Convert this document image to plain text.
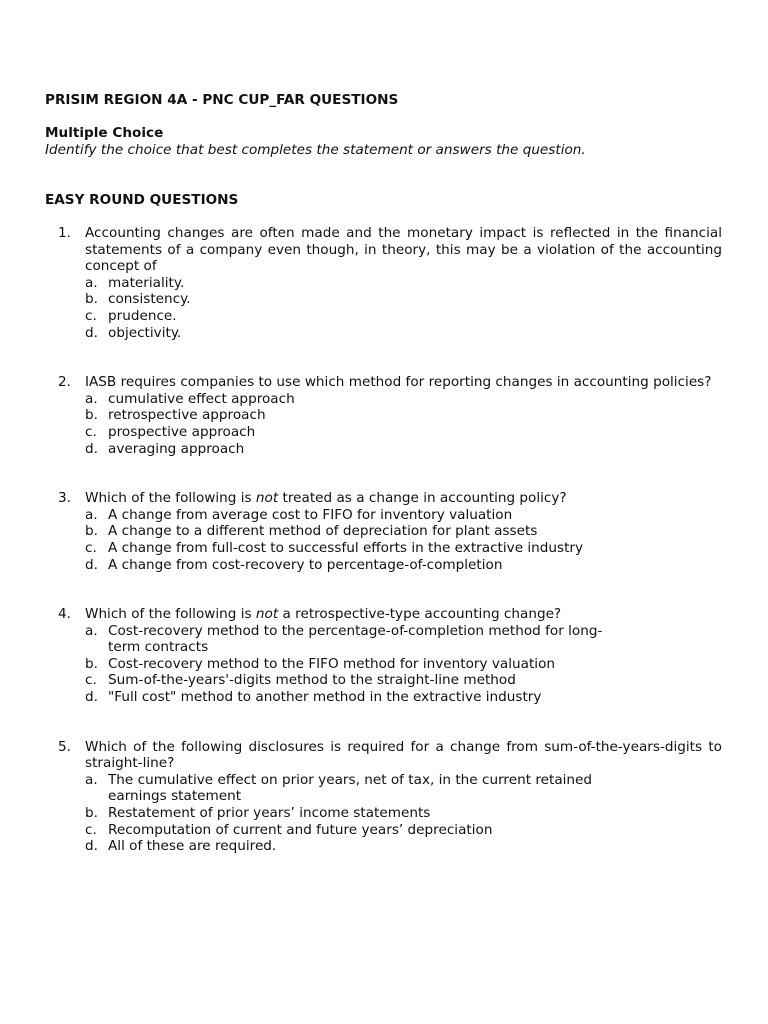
PRISIM REGION 4A - PNC CUP_FAR QUESTIONS
Multiple Choice
Identify the choice that best completes the statement or answers the question.
EASY ROUND QUESTIONS
1. Accounting changes are often made and the monetary impact is reflected in the financial statements of a company even though, in theory, this may be a violation of the accounting concept of
a. materiality.
b. consistency.
c. prudence.
d. objectivity.
2. IASB requires companies to use which method for reporting changes in accounting policies?
a. cumulative effect approach
b. retrospective approach
c. prospective approach
d. averaging approach
3. Which of the following is not treated as a change in accounting policy?
a. A change from average cost to FIFO for inventory valuation
b. A change to a different method of depreciation for plant assets
c. A change from full-cost to successful efforts in the extractive industry
d. A change from cost-recovery to percentage-of-completion
4. Which of the following is not a retrospective-type accounting change?
a. Cost-recovery method to the percentage-of-completion method for long-term contracts
b. Cost-recovery method to the FIFO method for inventory valuation
c. Sum-of-the-years'-digits method to the straight-line method
d. "Full cost" method to another method in the extractive industry
5. Which of the following disclosures is required for a change from sum-of-the-years-digits to straight-line?
a. The cumulative effect on prior years, net of tax, in the current retained earnings statement
b. Restatement of prior years’ income statements
c. Recomputation of current and future years’ depreciation
d. All of these are required.
